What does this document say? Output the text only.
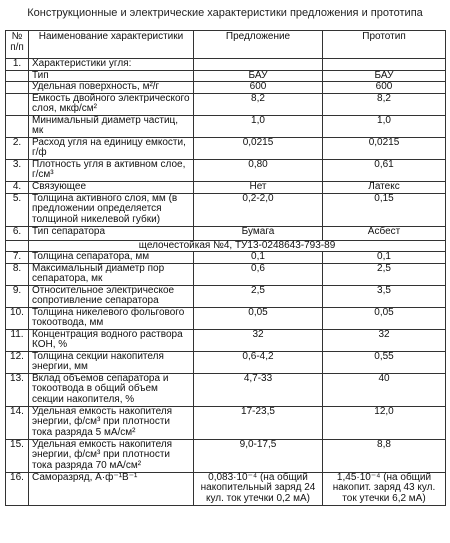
Конструкционные и электрические характеристики предложения и прототипа
№ п/п	Наименование характеристики	Предложение	Прототип
1.	Характеристики угля:		
	Тип	БАУ	БАУ
	Удельная поверхность, м²/г	600	600
	Емкость двойного электрического слоя, мкф/см²	8,2	8,2
	Минимальный диаметр частиц, мк	1,0	1,0
2.	Расход угля на единицу емкости, г/ф	0,0215	0,0215
3.	Плотность угля в активном слое, г/см³	0,80	0,61
4.	Связующее	Нет	Латекс
5.	Толщина активного слоя, мм (в предложении определяется толщиной никелевой губки)	0,2-2,0	0,15
6.	Тип сепаратора	Бумага	Асбест
	щелочестойкая №4, ТУ13-0248643-793-89		
7.	Толщина сепаратора, мм	0,1	0,1
8.	Максимальный диаметр пор сепаратора, мк	0,6	2,5
9.	Относительное электрическое сопротивление сепаратора	2,5	3,5
10.	Толщина никелевого фольгового токоотвода, мм	0,05	0,05
11.	Концентрация водного раствора КОН, %	32	32
12.	Толщина секции накопителя энергии, мм	0,6-4,2	0,55
13.	Вклад объемов сепаратора и токоотвода в общий объем секции накопителя, %	4,7-33	40
14.	Удельная емкость накопителя энергии, ф/см³ при плотности тока разряда 5 мА/см²	17-23,5	12,0
15.	Удельная емкость накопителя энергии, ф/см³ при плотности тока разряда 70 мА/см²	9,0-17,5	8,8
16.	Саморазряд, А·ф⁻¹В⁻¹	0,083·10⁻⁴ (на общий накопительный заряд 24 кул. ток утечки 0,2 мА)	1,45·10⁻⁴ (на общий накопит. заряд 43 кул. ток утечки 6,2 мА)
